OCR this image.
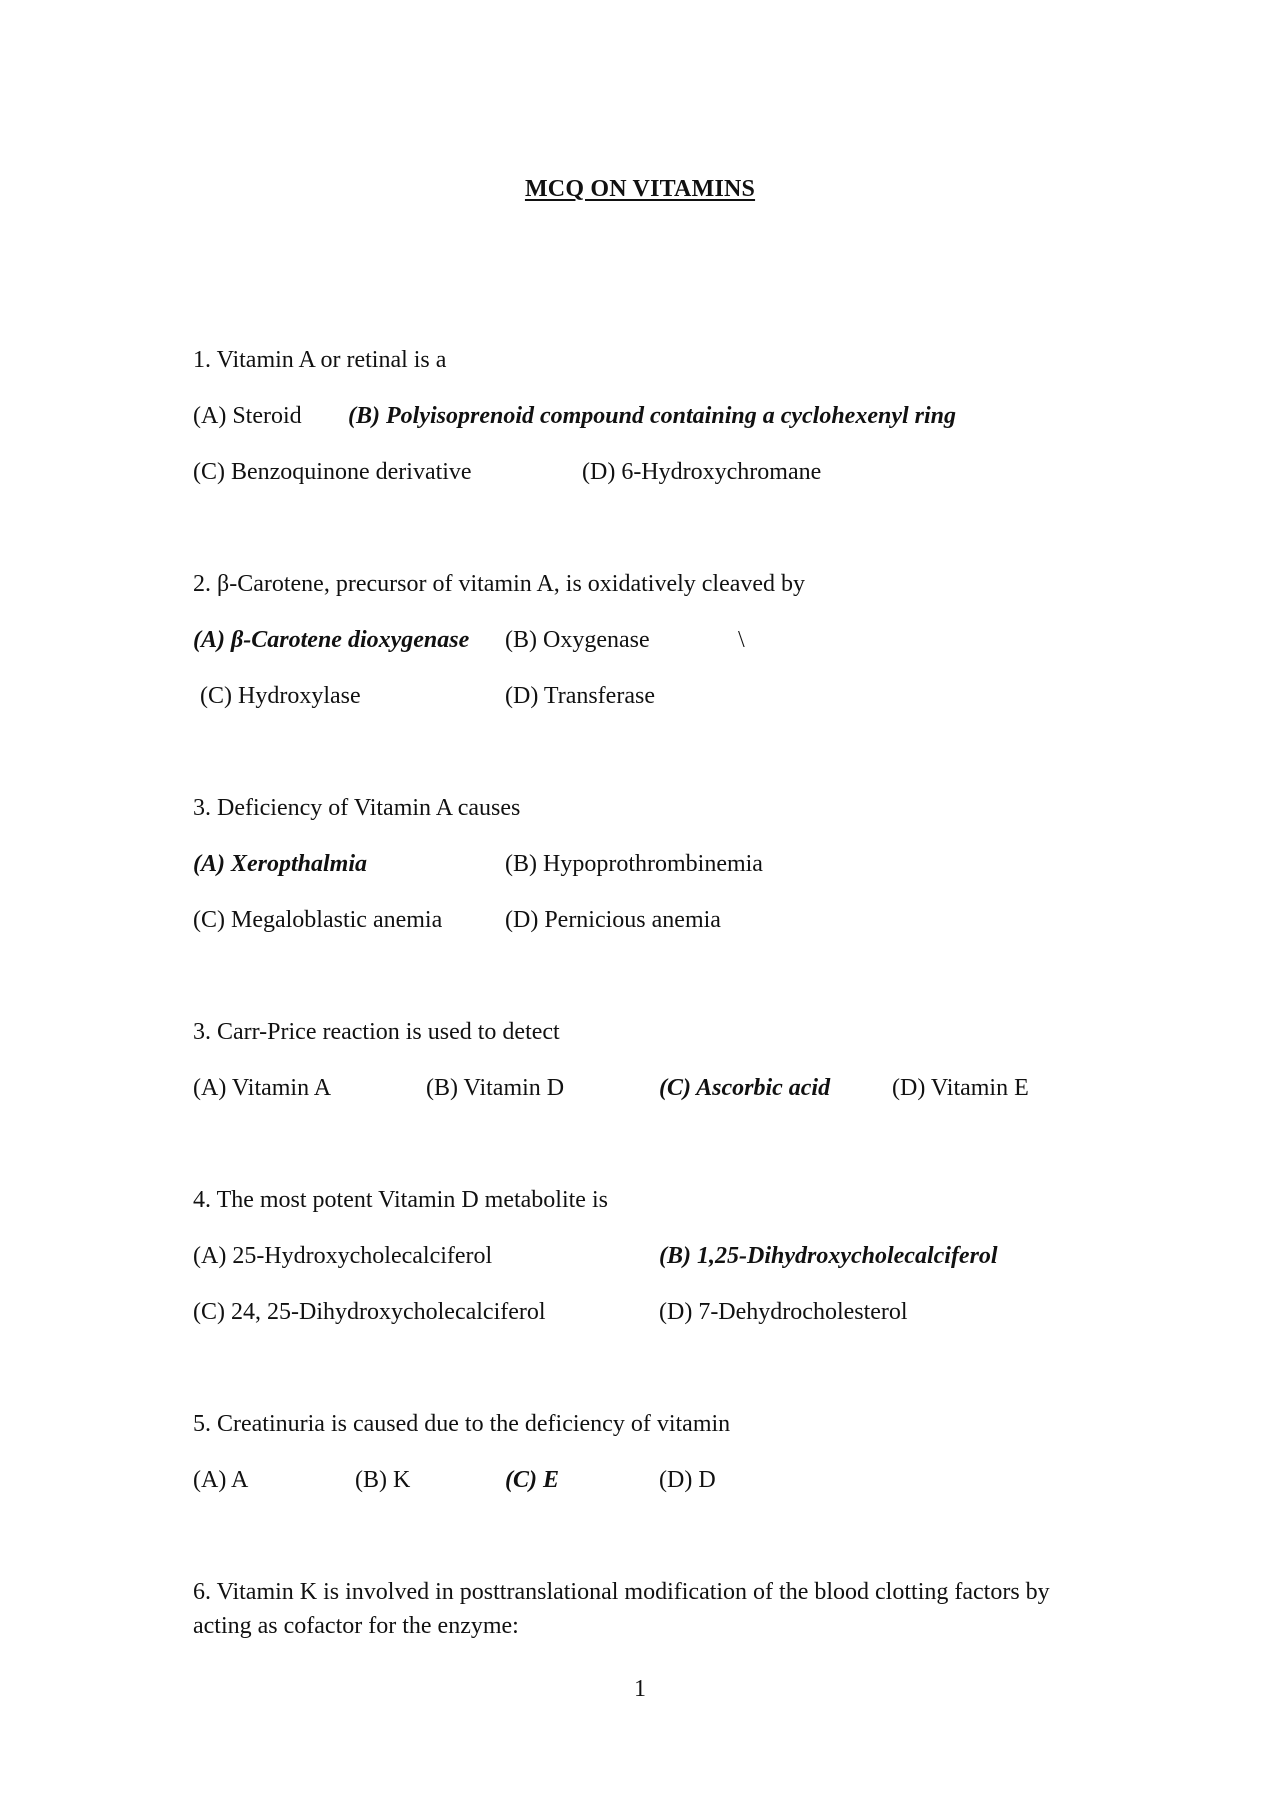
MCQ ON VITAMINS
1. Vitamin A or retinal is a
(A) Steroid (B) Polyisoprenoid compound containing a cyclohexenyl ring
(C) Benzoquinone derivative	(D) 6-Hydroxychromane
2. β-Carotene, precursor of vitamin A, is oxidatively cleaved by
(A) β-Carotene dioxygenase (B) Oxygenase	\
(C) Hydroxylase	(D) Transferase
3. Deficiency of Vitamin A causes
(A) Xeropthalmia	(B) Hypoprothrombinemia
(C) Megaloblastic anemia	(D) Pernicious anemia
3. Carr-Price reaction is used to detect
(A) Vitamin A	(B) Vitamin D	(C) Ascorbic acid	(D) Vitamin E
4. The most potent Vitamin D metabolite is
(A) 25-Hydroxycholecalciferol	(B) 1,25-Dihydroxycholecalciferol
(C) 24, 25-Dihydroxycholecalciferol	(D) 7-Dehydrocholesterol
5. Creatinuria is caused due to the deficiency of vitamin
(A) A	(B) K	(C) E	(D) D
6. Vitamin K is involved in posttranslational modification of the blood clotting factors by acting as cofactor for the enzyme:
1
